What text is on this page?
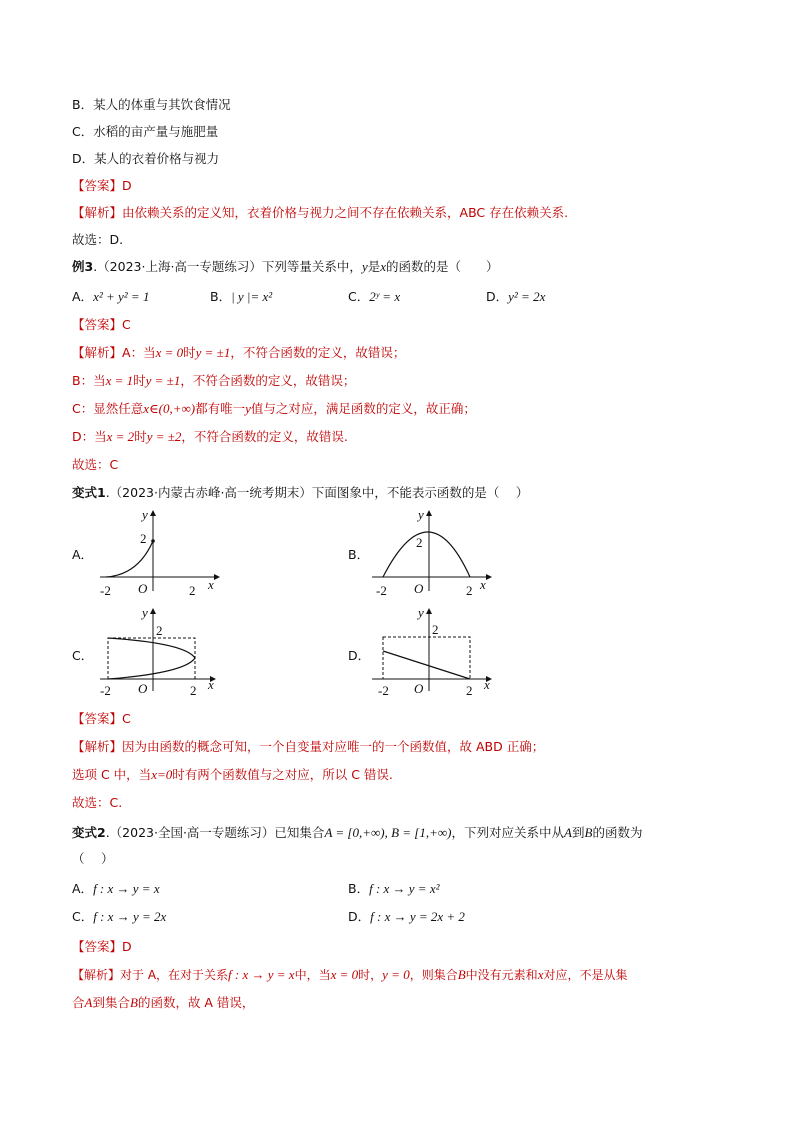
B．某人的体重与其饮食情况
C．水稻的亩产量与施肥量
D．某人的衣着价格与视力
【答案】D
【解析】由依赖关系的定义知，衣着价格与视力之间不存在依赖关系，ABC 存在依赖关系.
故选：D.
例3.（2023·上海·高一专题练习）下列等量关系中，y是x的函数的是（　　）
A．x² + y² = 1	B．| y |= x²	C．2ʸ = x	D．y² = 2x
【答案】C
【解析】A：当x = 0时y = ±1，不符合函数的定义，故错误；
B：当x = 1时y = ±1，不符合函数的定义，故错误；
C：显然任意x∈(0,+∞)都有唯一y值与之对应，满足函数的定义，故正确；
D：当x = 2时y = ±2，不符合函数的定义，故错误.
故选：C
变式1.（2023·内蒙古赤峰·高一统考期末）下面图象中，不能表示函数的是（　 ）
A．	B．
C．	D．
y
2
-2 O	2 x
y
2
-2 O	2 x
y
2
-2 O	2 x
y
2
-2 O	2 x
【答案】C
【解析】因为由函数的概念可知，一个自变量对应唯一的一个函数值，故 ABD 正确；
选项 C 中，当x=0时有两个函数值与之对应，所以 C 错误.
故选：C.
变式2.（2023·全国·高一专题练习）已知集合A = [0,+∞), B = [1,+∞)，下列对应关系中从A到B的函数为
（　 ）
A．f : x → y = x	B．f : x → y = x²
C．f : x → y = 2x	D．f : x → y = 2x + 2
【答案】D
【解析】对于 A，在对于关系f : x → y = x中，当x = 0时，y = 0，则集合B中没有元素和x对应，不是从集
合A到集合B的函数，故 A 错误，
